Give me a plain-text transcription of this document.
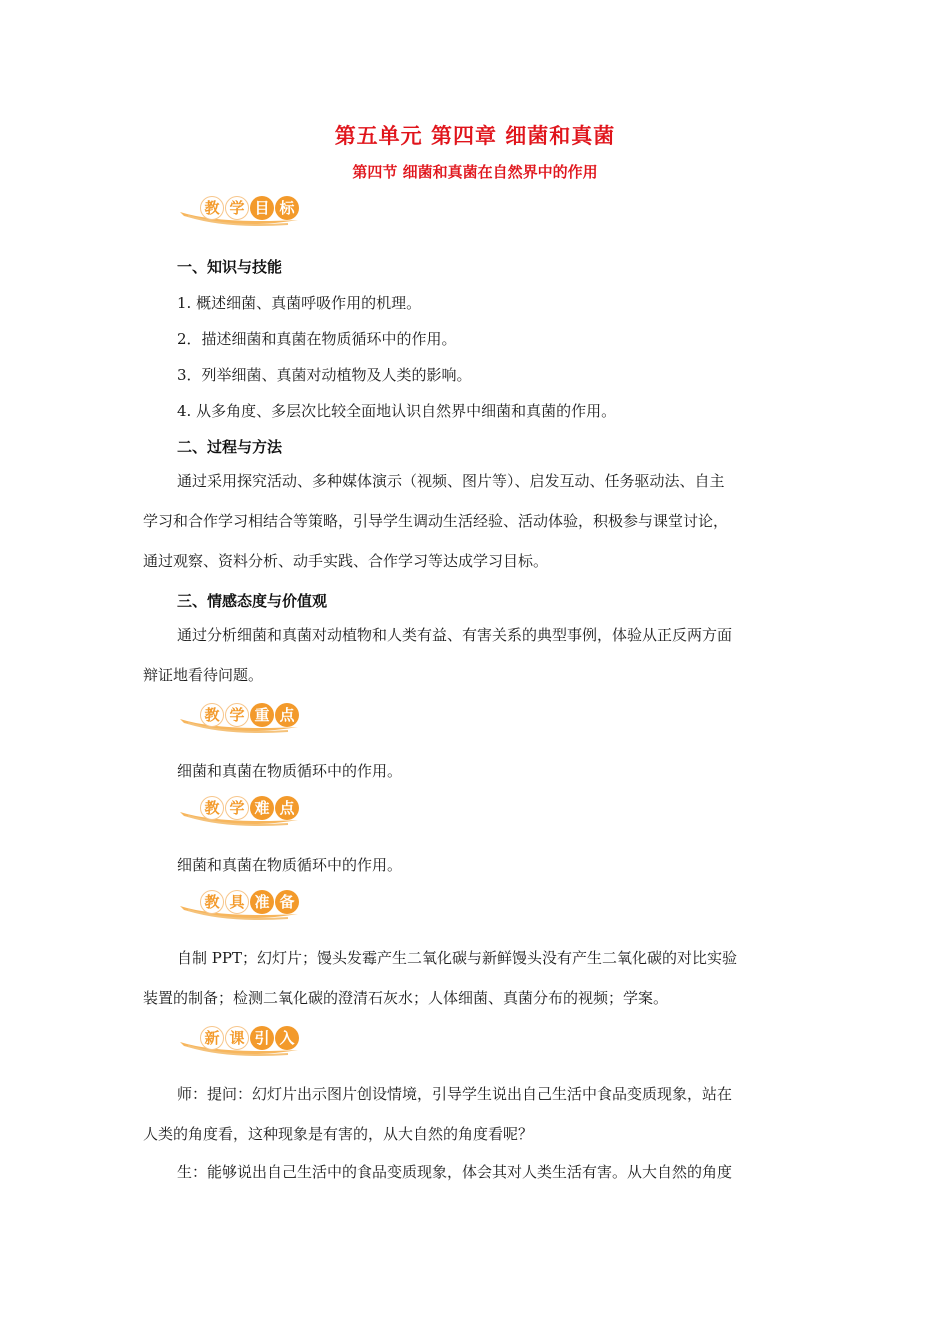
第五单元 第四章 细菌和真菌
第四节 细菌和真菌在自然界中的作用
教 学 目 标
一、知识与技能
1. 概述细菌、真菌呼吸作用的机理。
2．描述细菌和真菌在物质循环中的作用。
3．列举细菌、真菌对动植物及人类的影响。
4. 从多角度、多层次比较全面地认识自然界中细菌和真菌的作用。
二、过程与方法
通过采用探究活动、多种媒体演示（视频、图片等）、启发互动、任务驱动法、自主
学习和合作学习相结合等策略，引导学生调动生活经验、活动体验，积极参与课堂讨论，
通过观察、资料分析、动手实践、合作学习等达成学习目标。
三、情感态度与价值观
通过分析细菌和真菌对动植物和人类有益、有害关系的典型事例，体验从正反两方面
辩证地看待问题。
教 学 重 点
细菌和真菌在物质循环中的作用。
教 学 难 点
细菌和真菌在物质循环中的作用。
教 具 准 备
自制 PPT；幻灯片；馒头发霉产生二氧化碳与新鲜馒头没有产生二氧化碳的对比实验
装置的制备；检测二氧化碳的澄清石灰水；人体细菌、真菌分布的视频；学案。
新 课 引 入
师：提问：幻灯片出示图片创设情境，引导学生说出自己生活中食品变质现象，站在
人类的角度看，这种现象是有害的，从大自然的角度看呢？
生：能够说出自己生活中的食品变质现象，体会其对人类生活有害。从大自然的角度
